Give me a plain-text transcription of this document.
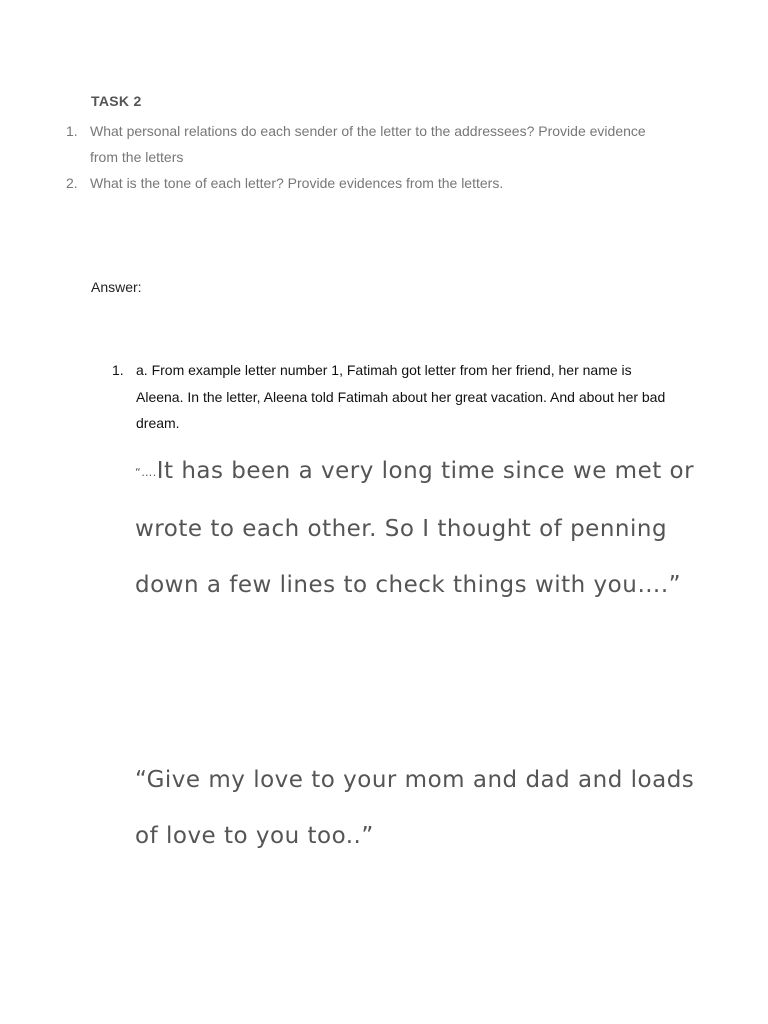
TASK 2
1. What personal relations do each sender of the letter to the addressees? Provide evidence from the letters
2. What is the tone of each letter? Provide evidences from the letters.
Answer:
1. a. From example letter number 1, Fatimah got letter from her friend, her name is Aleena. In the letter, Aleena told Fatimah about her great vacation. And about her bad dream.
“….It has been a very long time since we met or wrote to each other. So I thought of penning down a few lines to check things with you….”
“Give my love to your mom and dad and loads of love to you too..”
